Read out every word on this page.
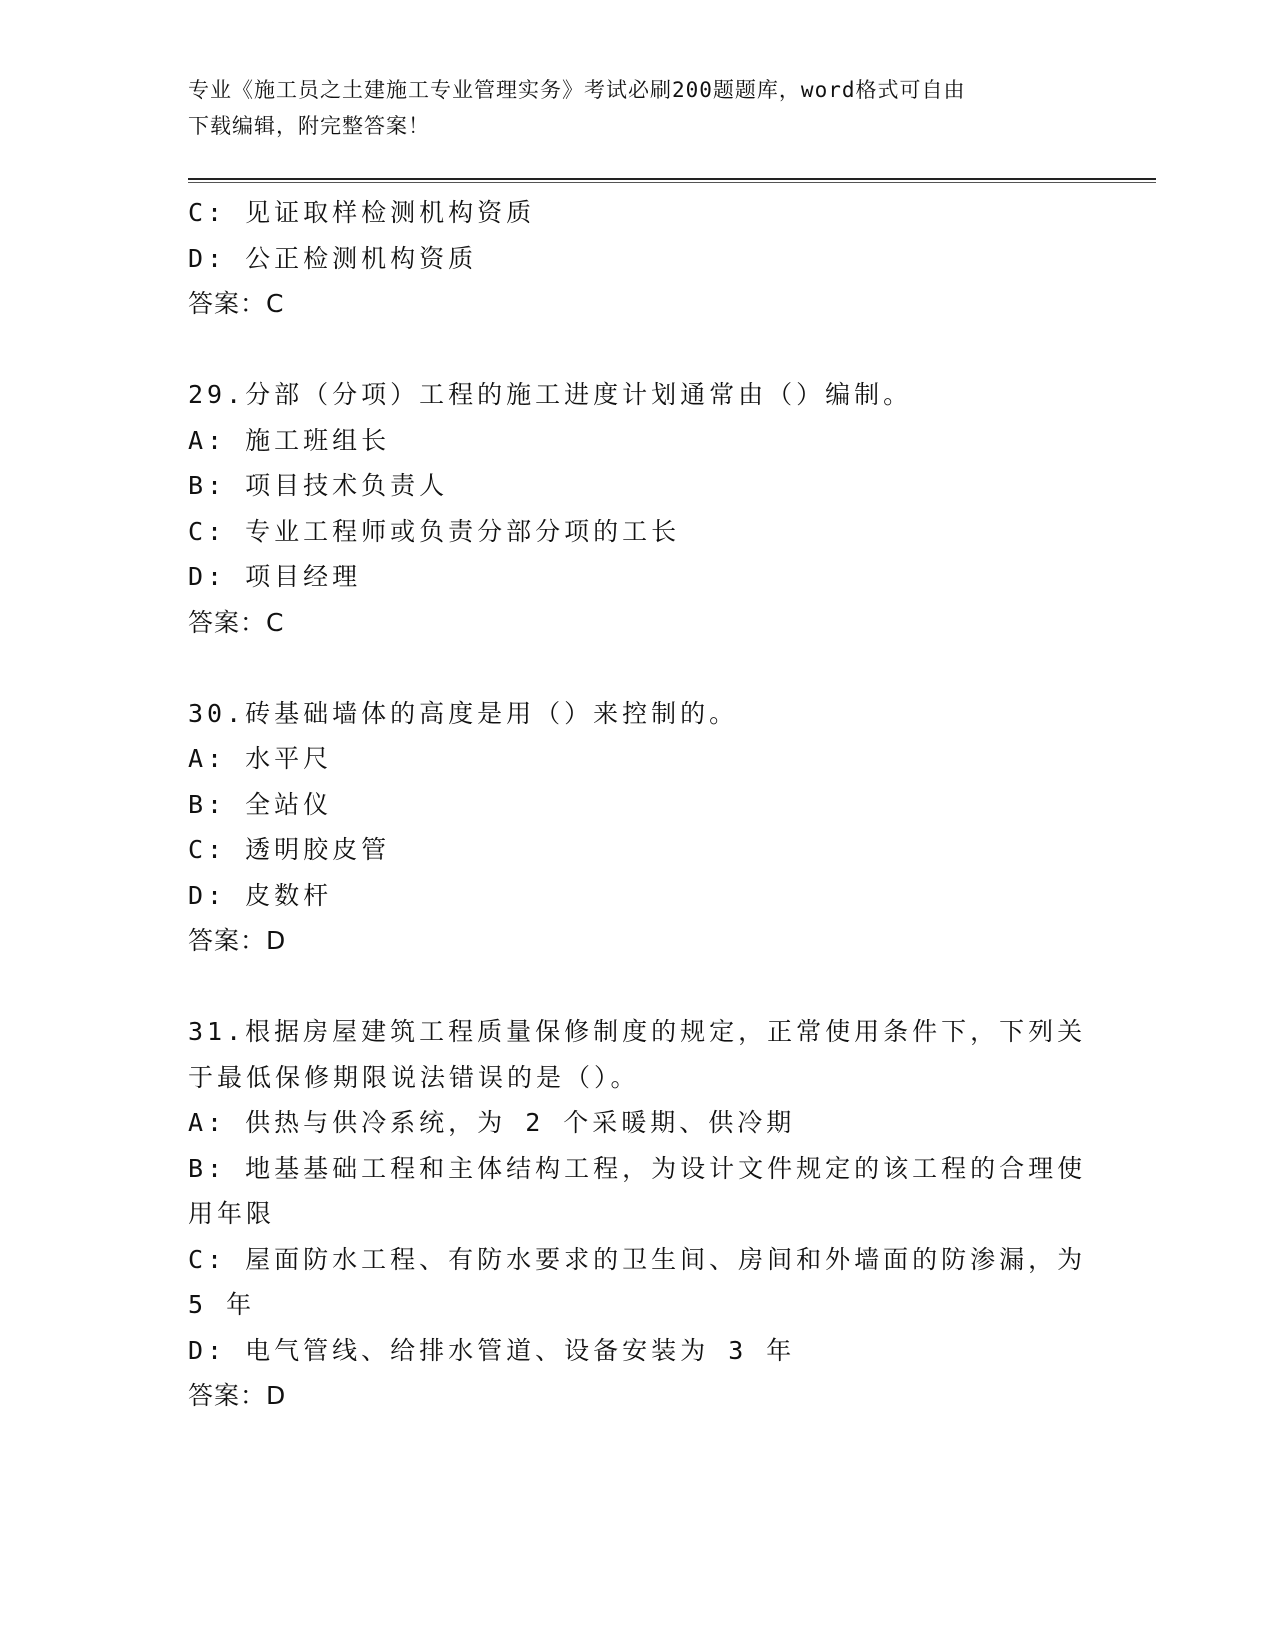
专业《施工员之土建施工专业管理实务》考试必刷200题题库，word格式可自由
下载编辑，附完整答案！
C: 见证取样检测机构资质
D: 公正检测机构资质
答案：C
29.分部（分项）工程的施工进度计划通常由（）编制。
A: 施工班组长
B: 项目技术负责人
C: 专业工程师或负责分部分项的工长
D: 项目经理
答案：C
30.砖基础墙体的高度是用（）来控制的。
A: 水平尺
B: 全站仪
C: 透明胶皮管
D: 皮数杆
答案：D
31.根据房屋建筑工程质量保修制度的规定，正常使用条件下，下列关
于最低保修期限说法错误的是（）。
A: 供热与供冷系统，为 2 个采暖期、供冷期
B: 地基基础工程和主体结构工程，为设计文件规定的该工程的合理使
用年限
C: 屋面防水工程、有防水要求的卫生间、房间和外墙面的防渗漏，为
5 年
D: 电气管线、给排水管道、设备安装为 3 年
答案：D
